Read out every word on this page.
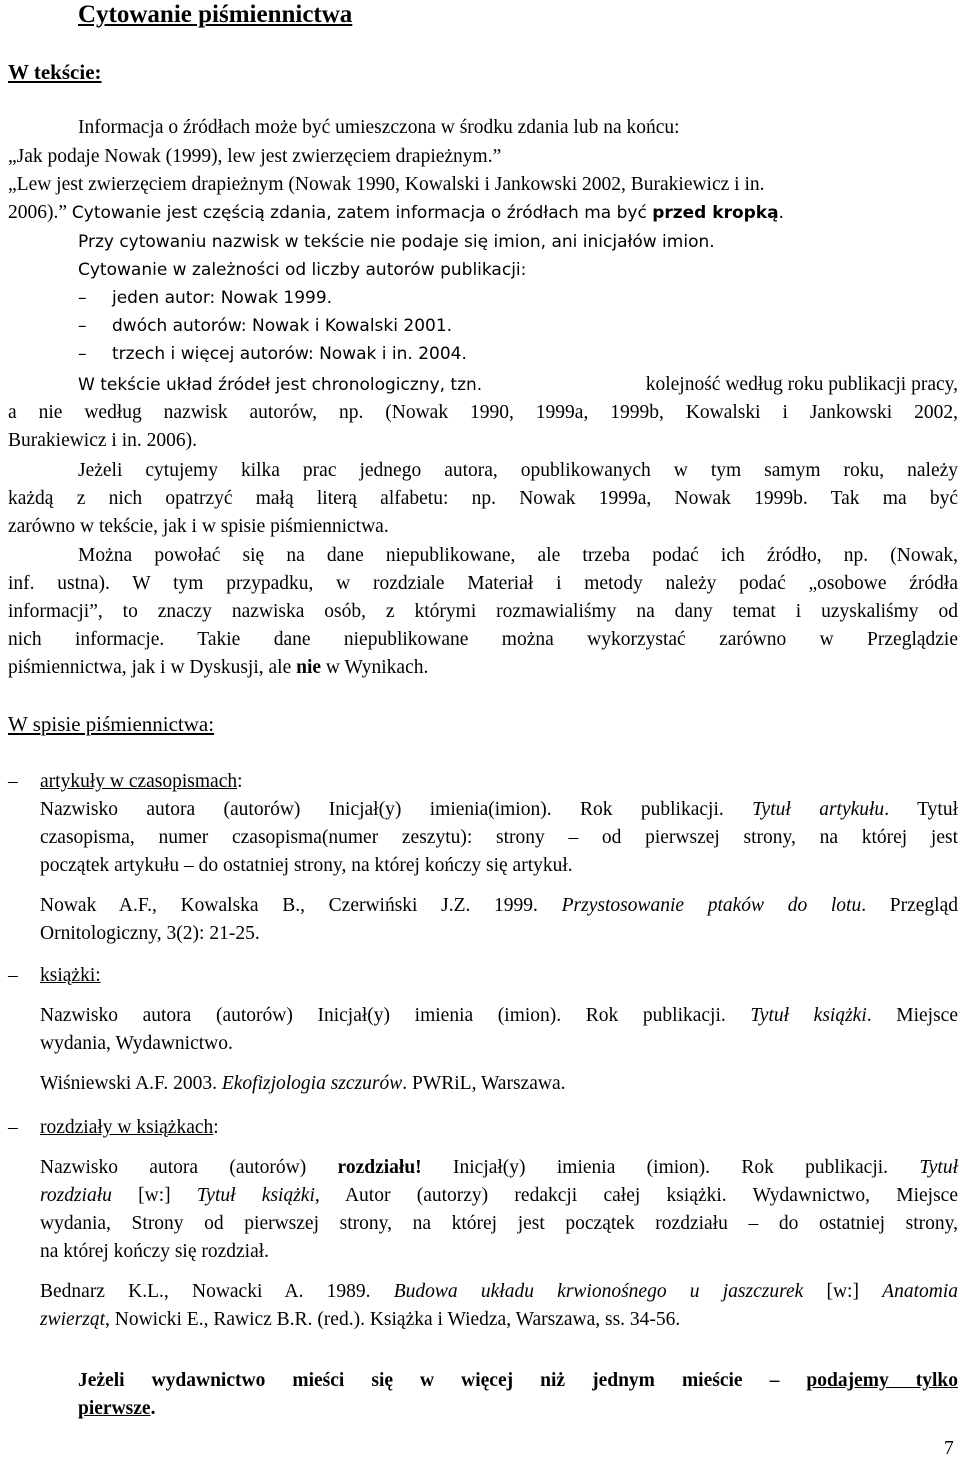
Cytowanie piśmiennictwa
W tekście:
Informacja o źródłach może być umieszczona w środku zdania lub na końcu:
„Jak podaje Nowak (1999), lew jest zwierzęciem drapieżnym.”
„Lew jest zwierzęciem drapieżnym (Nowak 1990, Kowalski i Jankowski 2002, Burakiewicz i in.
2006).” Cytowanie jest częścią zdania, zatem informacja o źródłach ma być przed kropką.
Przy cytowaniu nazwisk w tekście nie podaje się imion, ani inicjałów imion.
Cytowanie w zależności od liczby autorów publikacji:
– jeden autor: Nowak 1999.
– dwóch autorów: Nowak i Kowalski 2001.
– trzech i więcej autorów: Nowak i in. 2004.
W tekście układ źródeł jest chronologiczny, tzn.	kolejność według roku publikacji pracy,
a nie według nazwisk autorów, np. (Nowak 1990, 1999a, 1999b, Kowalski i Jankowski 2002,
Burakiewicz i in. 2006).
Jeżeli cytujemy kilka prac jednego autora, opublikowanych w tym samym roku, należy
każdą z nich opatrzyć małą literą alfabetu: np. Nowak 1999a, Nowak 1999b. Tak ma być
zarówno w tekście, jak i w spisie piśmiennictwa.
Można powołać się na dane niepublikowane, ale trzeba podać ich źródło, np. (Nowak,
inf. ustna). W tym przypadku, w rozdziale Materiał i metody należy podać „osobowe źródła
informacji”, to znaczy nazwiska osób, z którymi rozmawialiśmy na dany temat i uzyskaliśmy od
nich informacje. Takie dane niepublikowane można wykorzystać zarówno w Przeglądzie
piśmiennictwa, jak i w Dyskusji, ale nie w Wynikach.
W spisie piśmiennictwa:
– artykuły w czasopismach:
Nazwisko autora (autorów) Inicjał(y) imienia(imion). Rok publikacji. Tytuł artykułu. Tytuł
czasopisma, numer czasopisma(numer zeszytu): strony – od pierwszej strony, na której jest
początek artykułu – do ostatniej strony, na której kończy się artykuł.
Nowak A.F., Kowalska B., Czerwiński J.Z. 1999. Przystosowanie ptaków do lotu. Przegląd
Ornitologiczny, 3(2): 21-25.
– książki:
Nazwisko autora (autorów) Inicjał(y) imienia (imion). Rok publikacji. Tytuł książki. Miejsce
wydania, Wydawnictwo.
Wiśniewski A.F. 2003. Ekofizjologia szczurów. PWRiL, Warszawa.
– rozdziały w książkach:
Nazwisko autora (autorów) rozdziału! Inicjał(y) imienia (imion). Rok publikacji. Tytuł
rozdziału [w:] Tytuł książki, Autor (autorzy) redakcji całej książki. Wydawnictwo, Miejsce
wydania, Strony od pierwszej strony, na której jest początek rozdziału – do ostatniej strony,
na której kończy się rozdział.
Bednarz K.L., Nowacki A. 1989. Budowa układu krwionośnego u jaszczurek [w:] Anatomia
zwierząt, Nowicki E., Rawicz B.R. (red.). Książka i Wiedza, Warszawa, ss. 34-56.
Jeżeli wydawnictwo mieści się w więcej niż jednym mieście – podajemy tylko
pierwsze.
7
